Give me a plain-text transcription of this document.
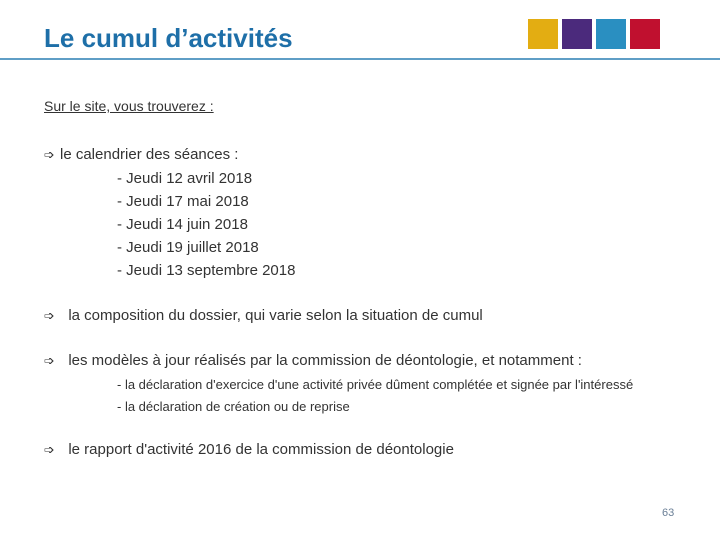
Le cumul d’activités
Sur le site, vous trouverez :
➩ le calendrier des séances :
- Jeudi 12 avril 2018
- Jeudi 17 mai 2018
- Jeudi 14 juin 2018
- Jeudi 19 juillet 2018
- Jeudi 13 septembre 2018
➩ la composition du dossier, qui varie selon la situation de cumul
➩ les modèles à jour réalisés par la commission de déontologie, et notamment :
- la déclaration d'exercice d'une activité privée dûment complétée et signée par l'intéressé
- la déclaration de création ou de reprise
➩ le rapport d'activité 2016 de la commission de déontologie
63
